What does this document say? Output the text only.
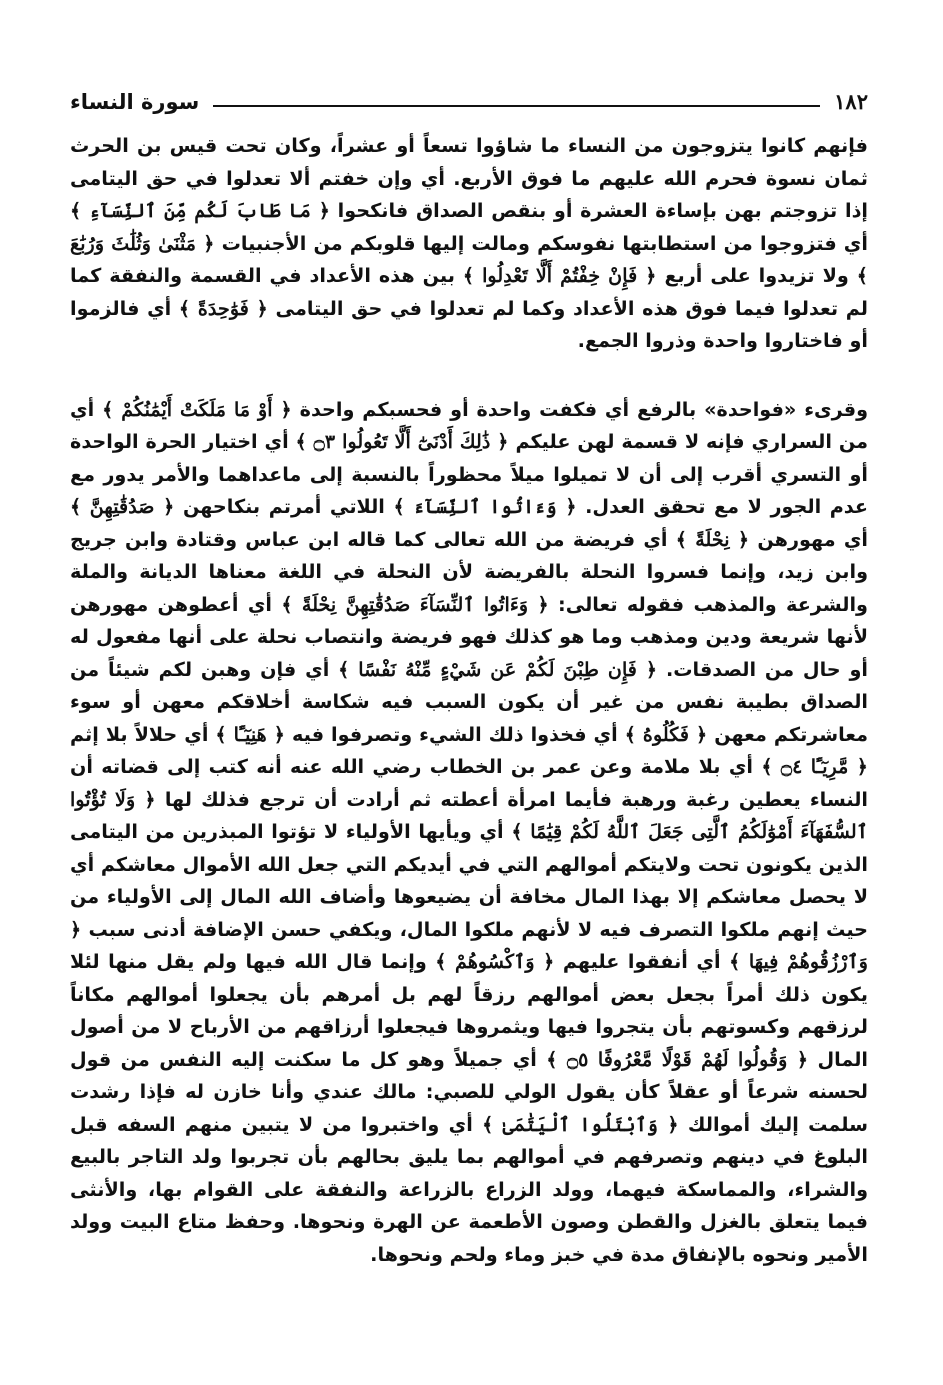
١٨٢
سورة النساء

فإنهم كانوا يتزوجون من النساء ما شاؤوا تسعاً أو عشراً، وكان تحت قيس بن الحرث ثمان نسوة فحرم الله عليهم ما فوق الأربع. أي وإن خفتم ألا تعدلوا في حق اليتامى إذا تزوجتم بهن بإساءة العشرة أو بنقص الصداق فانكحوا ﴿ مَا طَابَ لَكُم مِّنَ ٱلنِّسَآءِ ﴾ أي فتزوجوا من استطابتها نفوسكم ومالت إليها قلوبكم من الأجنبيات ﴿ مَثْنَىٰ وَثُلَٰثَ وَرُبَٰعَ ﴾ ولا تزيدوا على أربع ﴿ فَإِنْ خِفْتُمْ أَلَّا تَعْدِلُوا ﴾ بين هذه الأعداد في القسمة والنفقة كما لم تعدلوا فيما فوق هذه الأعداد وكما لم تعدلوا في حق اليتامى ﴿ فَوَٰحِدَةً ﴾ أي فالزموا أو فاختاروا واحدة وذروا الجمع.

وقرىء «فواحدة» بالرفع أي فكفت واحدة أو فحسبكم واحدة ﴿ أَوْ مَا مَلَكَتْ أَيْمَٰنُكُمْ ﴾ أي من السراري فإنه لا قسمة لهن عليكم ﴿ ذَٰلِكَ أَدْنَىٰٓ أَلَّا تَعُولُوا ۝٣ ﴾ أي اختيار الحرة الواحدة أو التسري أقرب إلى أن لا تميلوا ميلاً محظوراً بالنسبة إلى ماعداهما والأمر يدور مع عدم الجور لا مع تحقق العدل. ﴿ وَءَاتُوا ٱلنِّسَآءَ ﴾ اللاتي أمرتم بنكاحهن ﴿ صَدُقَٰتِهِنَّ ﴾ أي مهورهن ﴿ نِحْلَةً ﴾ أي فريضة من الله تعالى كما قاله ابن عباس وقتادة وابن جريج وابن زيد، وإنما فسروا النحلة بالفريضة لأن النحلة في اللغة معناها الديانة والملة والشرعة والمذهب فقوله تعالى: ﴿ وَءَاتُوا ٱلنِّسَآءَ صَدُقَٰتِهِنَّ نِحْلَةً ﴾ أي أعطوهن مهورهن لأنها شريعة ودين ومذهب وما هو كذلك فهو فريضة وانتصاب نحلة على أنها مفعول له أو حال من الصدقات. ﴿ فَإِن طِبْنَ لَكُمْ عَن شَيْءٍ مِّنْهُ نَفْسًا ﴾ أي فإن وهبن لكم شيئاً من الصداق بطيبة نفس من غير أن يكون السبب فيه شكاسة أخلاقكم معهن أو سوء معاشرتكم معهن ﴿ فَكُلُوهُ ﴾ أي فخذوا ذلك الشيء وتصرفوا فيه ﴿ هَنِيٓـًٔا ﴾ أي حلالاً بلا إثم ﴿ مَّرِيٓـًٔا ۝٤ ﴾ أي بلا ملامة وعن عمر بن الخطاب رضي الله عنه أنه كتب إلى قضاته أن النساء يعطين رغبة ورهبة فأيما امرأة أعطته ثم أرادت أن ترجع فذلك لها ﴿ وَلَا تُؤْتُوا ٱلسُّفَهَآءَ أَمْوَٰلَكُمُ ٱلَّتِى جَعَلَ ٱللَّهُ لَكُمْ قِيَٰمًا ﴾ أي ويأيها الأولياء لا تؤتوا المبذرين من اليتامى الذين يكونون تحت ولايتكم أموالهم التي في أيديكم التي جعل الله الأموال معاشكم أي لا يحصل معاشكم إلا بهذا المال مخافة أن يضيعوها وأضاف الله المال إلى الأولياء من حيث إنهم ملكوا التصرف فيه لا لأنهم ملكوا المال، ويكفي حسن الإضافة أدنى سبب ﴿ وَٱرْزُقُوهُمْ فِيهَا ﴾ أي أنفقوا عليهم ﴿ وَٱكْسُوهُمْ ﴾ وإنما قال الله فيها ولم يقل منها لئلا يكون ذلك أمراً بجعل بعض أموالهم رزقاً لهم بل أمرهم بأن يجعلوا أموالهم مكاناً لرزقهم وكسوتهم بأن يتجروا فيها ويثمروها فيجعلوا أرزاقهم من الأرباح لا من أصول المال ﴿ وَقُولُوا لَهُمْ قَوْلًا مَّعْرُوفًا ۝٥ ﴾ أي جميلاً وهو كل ما سكنت إليه النفس من قول لحسنه شرعاً أو عقلاً كأن يقول الولي للصبي: مالك عندي وأنا خازن له فإذا رشدت سلمت إليك أموالك ﴿ وَٱبْتَلُوا ٱلْيَتَٰمَىٰ ﴾ أي واختبروا من لا يتبين منهم السفه قبل البلوغ في دينهم وتصرفهم في أموالهم بما يليق بحالهم بأن تجربوا ولد التاجر بالبيع والشراء، والمماسكة فيهما، وولد الزراع بالزراعة والنفقة على القوام بها، والأنثى فيما يتعلق بالغزل والقطن وصون الأطعمة عن الهرة ونحوها. وحفظ متاع البيت وولد الأمير ونحوه بالإنفاق مدة في خبز وماء ولحم ونحوها.
